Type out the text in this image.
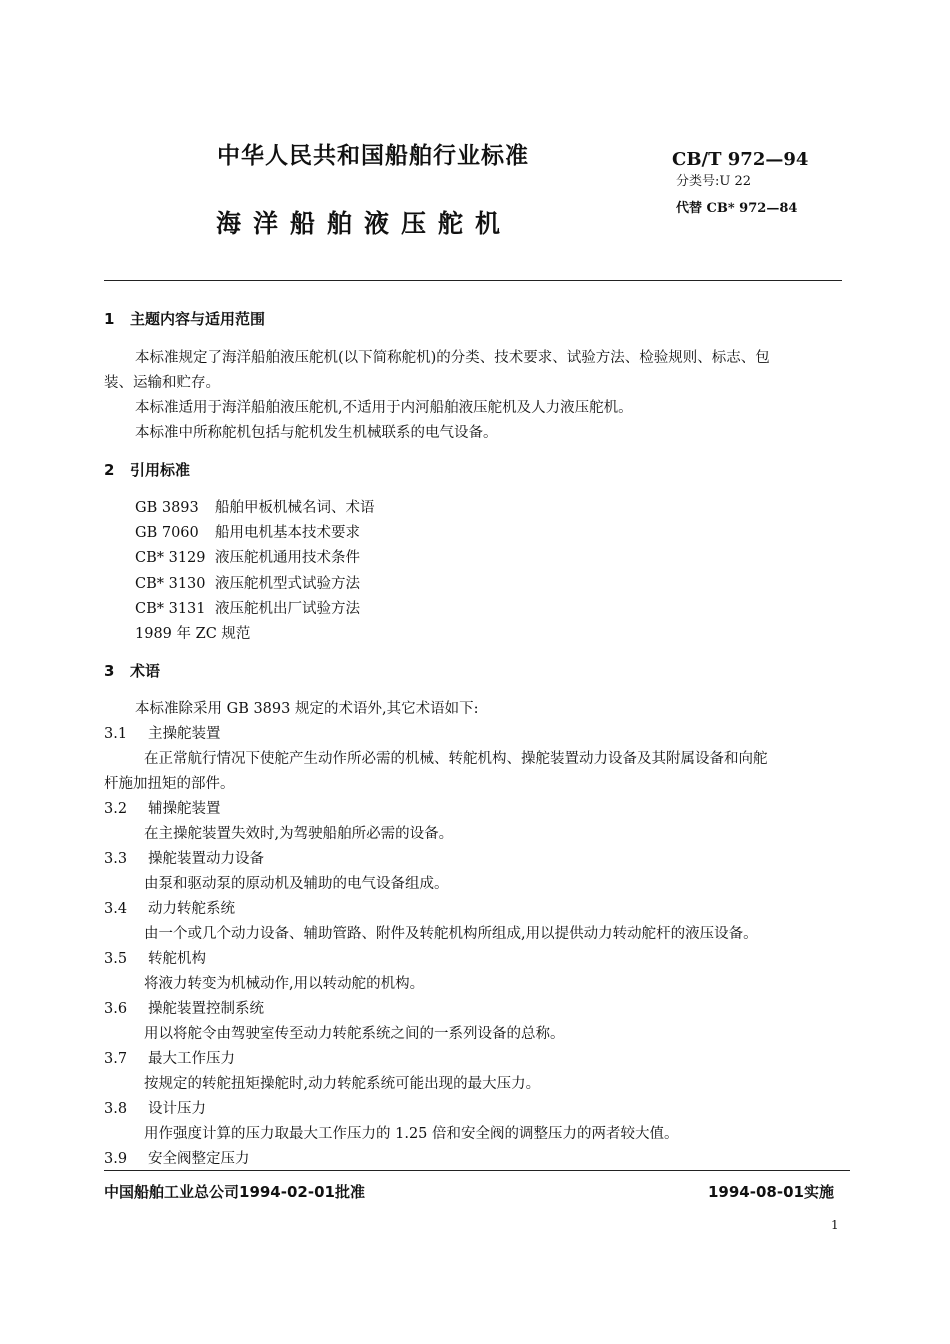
中华人民共和国船舶行业标准
海洋船舶液压舵机
CB/T 972—94
分类号:U 22
代替 CB* 972—84
1 主题内容与适用范围
本标准规定了海洋船舶液压舵机(以下简称舵机)的分类、技术要求、试验方法、检验规则、标志、包
装、运输和贮存。
本标准适用于海洋船舶液压舵机,不适用于内河船舶液压舵机及人力液压舵机。
本标准中所称舵机包括与舵机发生机械联系的电气设备。
2 引用标准
GB 3893 船舶甲板机械名词、术语
GB 7060 船用电机基本技术要求
CB* 3129 液压舵机通用技术条件
CB* 3130 液压舵机型式试验方法
CB* 3131 液压舵机出厂试验方法
1989 年 ZC 规范
3 术语
本标准除采用 GB 3893 规定的术语外,其它术语如下:
3.1 主操舵装置
在正常航行情况下使舵产生动作所必需的机械、转舵机构、操舵装置动力设备及其附属设备和向舵
杆施加扭矩的部件。
3.2 辅操舵装置
在主操舵装置失效时,为驾驶船舶所必需的设备。
3.3 操舵装置动力设备
由泵和驱动泵的原动机及辅助的电气设备组成。
3.4 动力转舵系统
由一个或几个动力设备、辅助管路、附件及转舵机构所组成,用以提供动力转动舵杆的液压设备。
3.5 转舵机构
将液力转变为机械动作,用以转动舵的机构。
3.6 操舵装置控制系统
用以将舵令由驾驶室传至动力转舵系统之间的一系列设备的总称。
3.7 最大工作压力
按规定的转舵扭矩操舵时,动力转舵系统可能出现的最大压力。
3.8 设计压力
用作强度计算的压力取最大工作压力的 1.25 倍和安全阀的调整压力的两者较大值。
3.9 安全阀整定压力
中国船舶工业总公司1994-02-01批准	1994-08-01实施
1
